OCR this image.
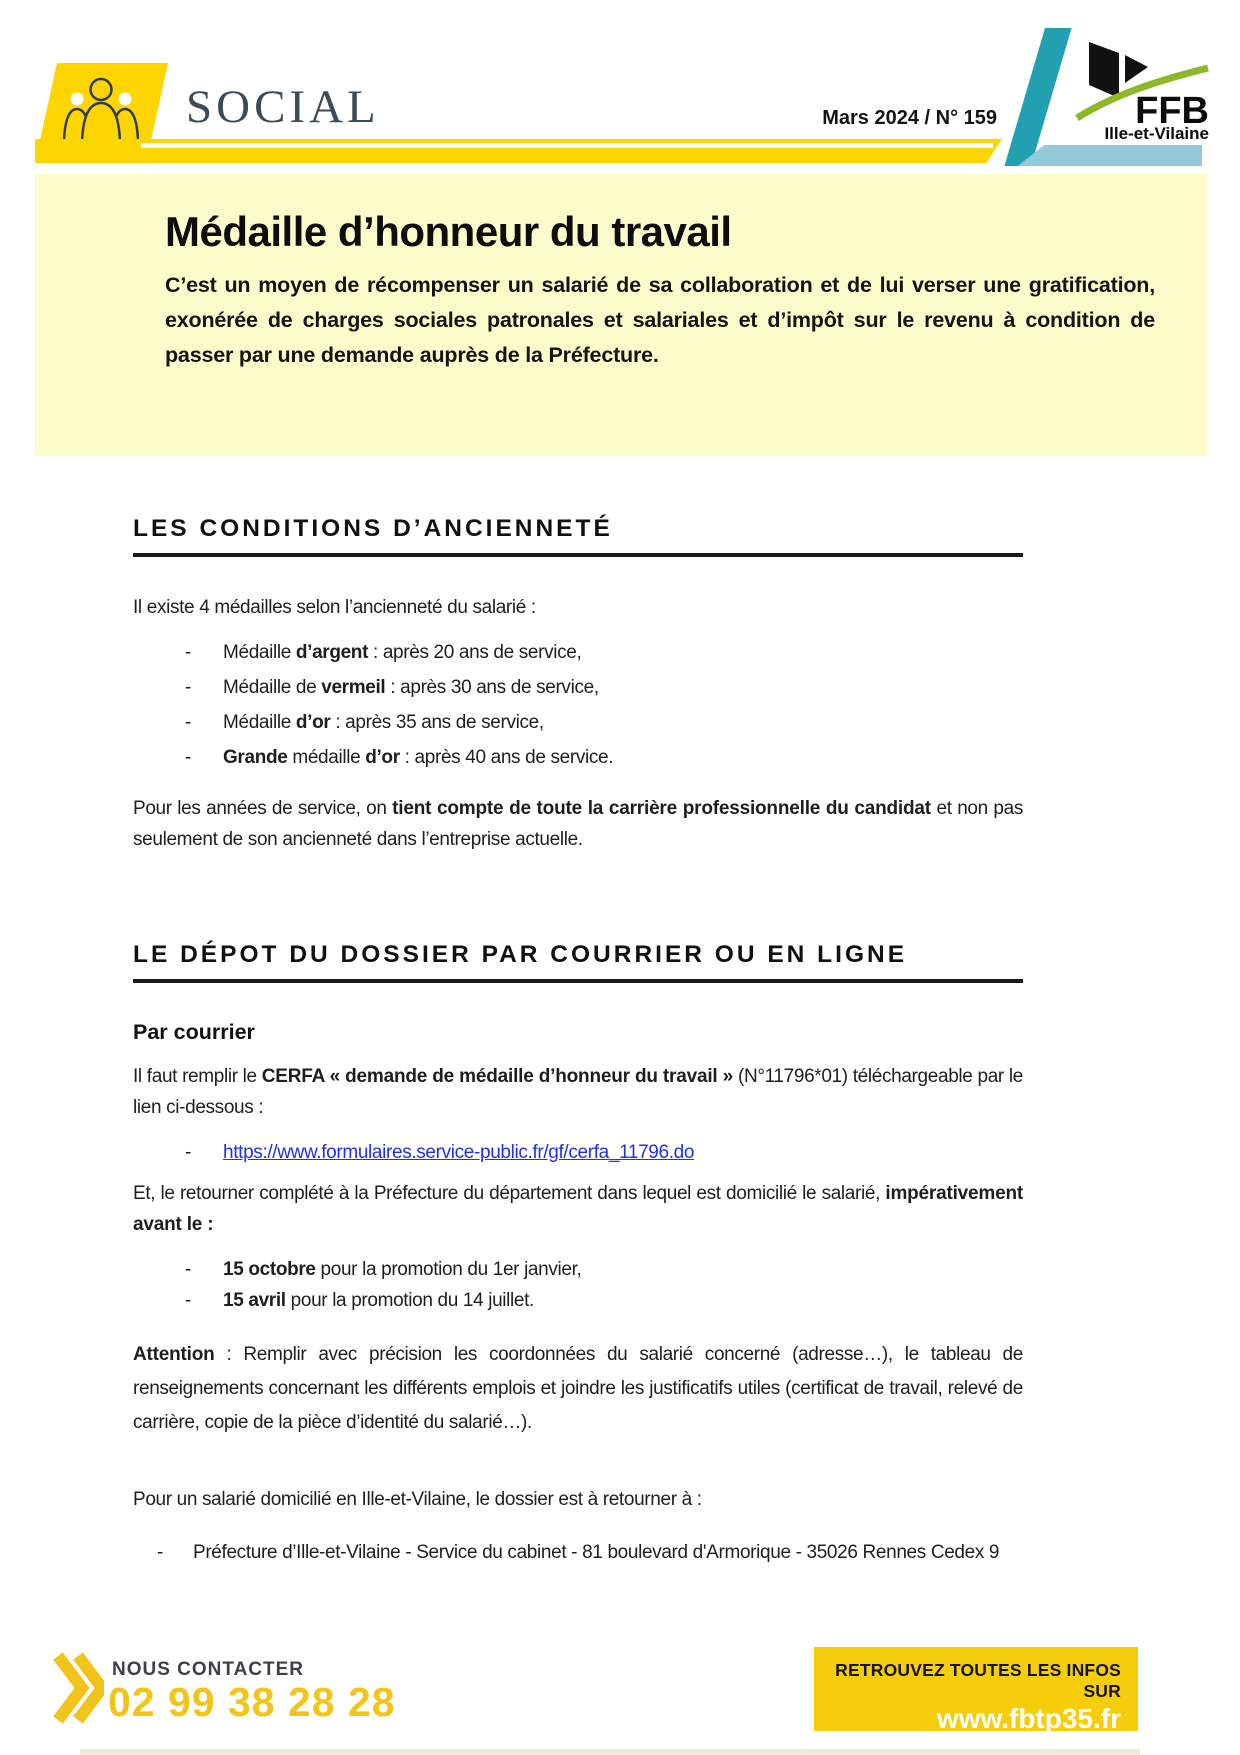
SOCIAL	Mars 2024 / N° 159	FFB
Ille-et-Vilaine
Médaille d’honneur du travail

C’est un moyen de récompenser un salarié de sa collaboration et de lui verser une gratification, exonérée de charges sociales patronales et salariales et d’impôt sur le revenu à condition de passer par une demande auprès de la Préfecture.

LES CONDITIONS D’ANCIENNETÉ

Il existe 4 médailles selon l’ancienneté du salarié :

- Médaille d’argent : après 20 ans de service,
- Médaille de vermeil : après 30 ans de service,
- Médaille d’or : après 35 ans de service,
- Grande médaille d’or : après 40 ans de service.

Pour les années de service, on tient compte de toute la carrière professionnelle du candidat et non pas seulement de son ancienneté dans l’entreprise actuelle.

LE DÉPOT DU DOSSIER PAR COURRIER OU EN LIGNE
Par courrier

Il faut remplir le CERFA « demande de médaille d’honneur du travail » (N°11796*01) téléchargeable par le lien ci-dessous :

- https://www.formulaires.service-public.fr/gf/cerfa_11796.do

Et, le retourner complété à la Préfecture du département dans lequel est domicilié le salarié, impérativement avant le :

- 15 octobre pour la promotion du 1er janvier,
- 15 avril pour la promotion du 14 juillet.

Attention : Remplir avec précision les coordonnées du salarié concerné (adresse…), le tableau de renseignements concernant les différents emplois et joindre les justificatifs utiles (certificat de travail, relevé de carrière, copie de la pièce d’identité du salarié…).

Pour un salarié domicilié en Ille-et-Vilaine, le dossier est à retourner à :

- Préfecture d’Ille-et-Vilaine - Service du cabinet - 81 boulevard d'Armorique - 35026 Rennes Cedex 9
NOUS CONTACTER
02 99 38 28 28
RETROUVEZ TOUTES LES INFOS SUR
www.fbtp35.fr
